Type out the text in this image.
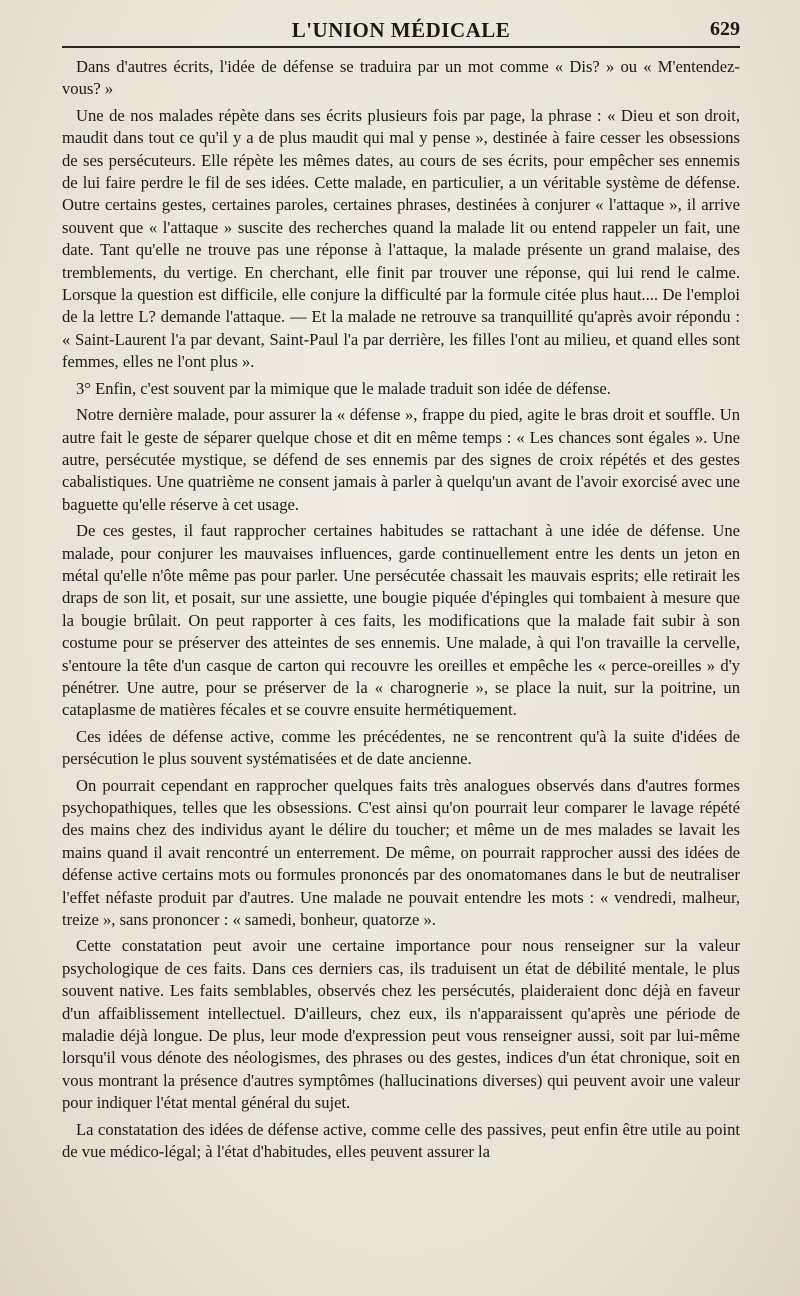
L'UNION MÉDICALE	629

Dans d'autres écrits, l'idée de défense se traduira par un mot comme « Dis? » ou « M'entendez-vous? »

Une de nos malades répète dans ses écrits plusieurs fois par page, la phrase : « Dieu et son droit, maudit dans tout ce qu'il y a de plus maudit qui mal y pense », destinée à faire cesser les obsessions de ses persécuteurs. Elle répète les mêmes dates, au cours de ses écrits, pour empêcher ses ennemis de lui faire perdre le fil de ses idées. Cette malade, en particulier, a un véritable système de défense. Outre certains gestes, certaines paroles, certaines phrases, destinées à conjurer « l'attaque », il arrive souvent que « l'attaque » suscite des recherches quand la malade lit ou entend rappeler un fait, une date. Tant qu'elle ne trouve pas une réponse à l'attaque, la malade présente un grand malaise, des tremblements, du vertige. En cherchant, elle finit par trouver une réponse, qui lui rend le calme. Lorsque la question est difficile, elle conjure la difficulté par la formule citée plus haut.... De l'emploi de la lettre L? demande l'attaque. — Et la malade ne retrouve sa tranquillité qu'après avoir répondu : « Saint-Laurent l'a par devant, Saint-Paul l'a par derrière, les filles l'ont au milieu, et quand elles sont femmes, elles ne l'ont plus ».

3° Enfin, c'est souvent par la mimique que le malade traduit son idée de défense.

Notre dernière malade, pour assurer la « défense », frappe du pied, agite le bras droit et souffle. Un autre fait le geste de séparer quelque chose et dit en même temps : « Les chances sont égales ». Une autre, persécutée mystique, se défend de ses ennemis par des signes de croix répétés et des gestes cabalistiques. Une quatrième ne consent jamais à parler à quelqu'un avant de l'avoir exorcisé avec une baguette qu'elle réserve à cet usage.

De ces gestes, il faut rapprocher certaines habitudes se rattachant à une idée de défense. Une malade, pour conjurer les mauvaises influences, garde continuellement entre les dents un jeton en métal qu'elle n'ôte même pas pour parler. Une persécutée chassait les mauvais esprits; elle retirait les draps de son lit, et posait, sur une assiette, une bougie piquée d'épingles qui tombaient à mesure que la bougie brûlait. On peut rapporter à ces faits, les modifications que la malade fait subir à son costume pour se préserver des atteintes de ses ennemis. Une malade, à qui l'on travaille la cervelle, s'entoure la tête d'un casque de carton qui recouvre les oreilles et empêche les « perce-oreilles » d'y pénétrer. Une autre, pour se préserver de la « charognerie », se place la nuit, sur la poitrine, un cataplasme de matières fécales et se couvre ensuite hermétiquement.

Ces idées de défense active, comme les précédentes, ne se rencontrent qu'à la suite d'idées de persécution le plus souvent systématisées et de date ancienne.

On pourrait cependant en rapprocher quelques faits très analogues observés dans d'autres formes psychopathiques, telles que les obsessions. C'est ainsi qu'on pourrait leur comparer le lavage répété des mains chez des individus ayant le délire du toucher; et même un de mes malades se lavait les mains quand il avait rencontré un enterrement. De même, on pourrait rapprocher aussi des idées de défense active certains mots ou formules prononcés par des onomatomanes dans le but de neutraliser l'effet néfaste produit par d'autres. Une malade ne pouvait entendre les mots : « vendredi, malheur, treize », sans prononcer : « samedi, bonheur, quatorze ».

Cette constatation peut avoir une certaine importance pour nous renseigner sur la valeur psychologique de ces faits. Dans ces derniers cas, ils traduisent un état de débilité mentale, le plus souvent native. Les faits semblables, observés chez les persécutés, plaideraient donc déjà en faveur d'un affaiblissement intellectuel. D'ailleurs, chez eux, ils n'apparaissent qu'après une période de maladie déjà longue. De plus, leur mode d'expression peut vous renseigner aussi, soit par lui-même lorsqu'il vous dénote des néologismes, des phrases ou des gestes, indices d'un état chronique, soit en vous montrant la présence d'autres symptômes (hallucinations diverses) qui peuvent avoir une valeur pour indiquer l'état mental général du sujet.

La constatation des idées de défense active, comme celle des passives, peut enfin être utile au point de vue médico-légal; à l'état d'habitudes, elles peuvent assurer la
